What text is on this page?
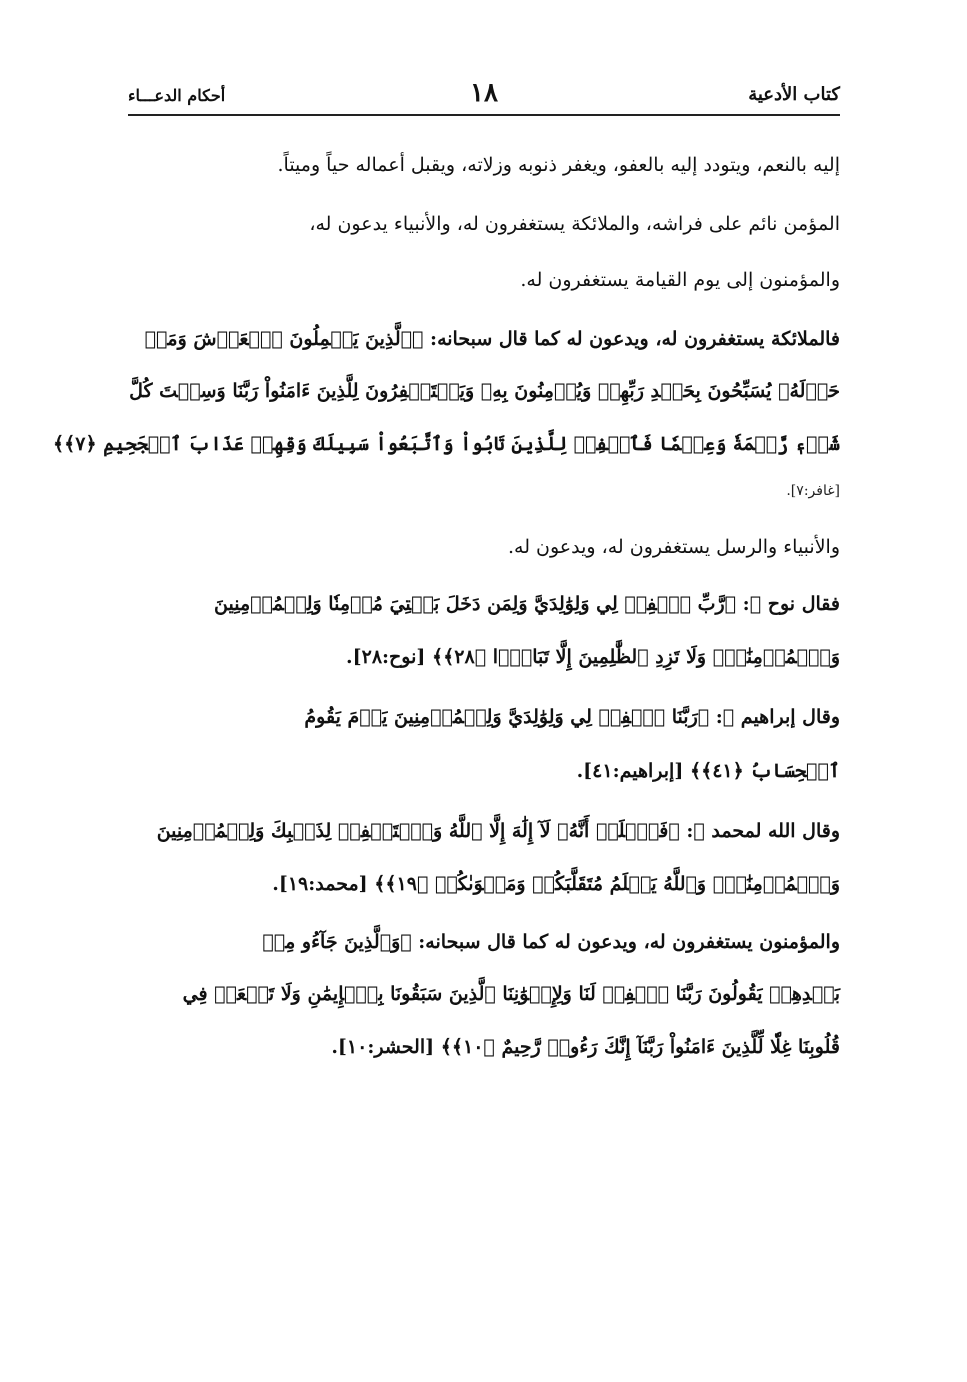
كتاب الأدعية
١٨
أحكام الدعـــاء
إليه بالنعم، ويتودد إليه بالعفو، ويغفر ذنوبه وزلاته، ويقبل أعماله حياً وميتاً.
المؤمن نائم على فراشه، والملائكة يستغفرون له، والأنبياء يدعون له،
والمؤمنون إلى يوم القيامة يستغفرون له.
فالملائكة يستغفرون له، ويدعون له كما قال سبحانه: ﴿ٱلَّذِينَ يَحۡمِلُونَ ٱلۡعَرۡشَ وَمَنۡ
حَوۡلَهُۥ يُسَبِّحُونَ بِحَمۡدِ رَبِّهِمۡ وَيُؤۡمِنُونَ بِهِۦ وَيَسۡتَغۡفِرُونَ لِلَّذِينَ ءَامَنُواْ رَبَّنَا وَسِعۡتَ كُلَّ
شَيۡءٖ رَّحۡمَةٗ وَعِلۡمٗا فَٱغۡفِرۡ لِلَّذِينَ تَابُواْ وَٱتَّبَعُواْ سَبِيلَكَ وَقِهِمۡ عَذَابَ ٱلۡجَحِيمِ ﴿٧﴾﴾
[غافر:٧].
والأنبياء والرسل يستغفرون له، ويدعون له.
فقال نوح ﷺ: ﴿رَّبِّ ٱغۡفِرۡ لِي وَلِوَٰلِدَيَّ وَلِمَن دَخَلَ بَيۡتِيَ مُؤۡمِنٗا وَلِلۡمُؤۡمِنِينَ
وَٱلۡمُؤۡمِنَٰتِۖ وَلَا تَزِدِ ٱلظَّٰلِمِينَ إِلَّا تَبَارَۢا ﴿٢٨﴾﴾ [نوح:٢٨].
وقال إبراهيم ﷺ: ﴿رَبَّنَا ٱغۡفِرۡ لِي وَلِوَٰلِدَيَّ وَلِلۡمُؤۡمِنِينَ يَوۡمَ يَقُومُ
ٱلۡحِسَابُ ﴿٤١﴾﴾ [إبراهيم:٤١].
وقال الله لمحمد ﷺ: ﴿فَٱعۡلَمۡ أَنَّهُۥ لَآ إِلَٰهَ إِلَّا ٱللَّهُ وَٱسۡتَغۡفِرۡ لِذَنۢبِكَ وَلِلۡمُؤۡمِنِينَ
وَٱلۡمُؤۡمِنَٰتِۗ وَٱللَّهُ يَعۡلَمُ مُتَقَلَّبَكُمۡ وَمَثۡوَىٰكُمۡ ﴿١٩﴾﴾ [محمد:١٩].
والمؤمنون يستغفرون له، ويدعون له كما قال سبحانه: ﴿وَٱلَّذِينَ جَآءُو مِنۢ
بَعۡدِهِمۡ يَقُولُونَ رَبَّنَا ٱغۡفِرۡ لَنَا وَلِإِخۡوَٰنِنَا ٱلَّذِينَ سَبَقُونَا بِٱلۡإِيمَٰنِ وَلَا تَجۡعَلۡ فِي
قُلُوبِنَا غِلّٗا لِّلَّذِينَ ءَامَنُواْ رَبَّنَآ إِنَّكَ رَءُوفٞ رَّحِيمٌ ﴿١٠﴾﴾ [الحشر:١٠].
